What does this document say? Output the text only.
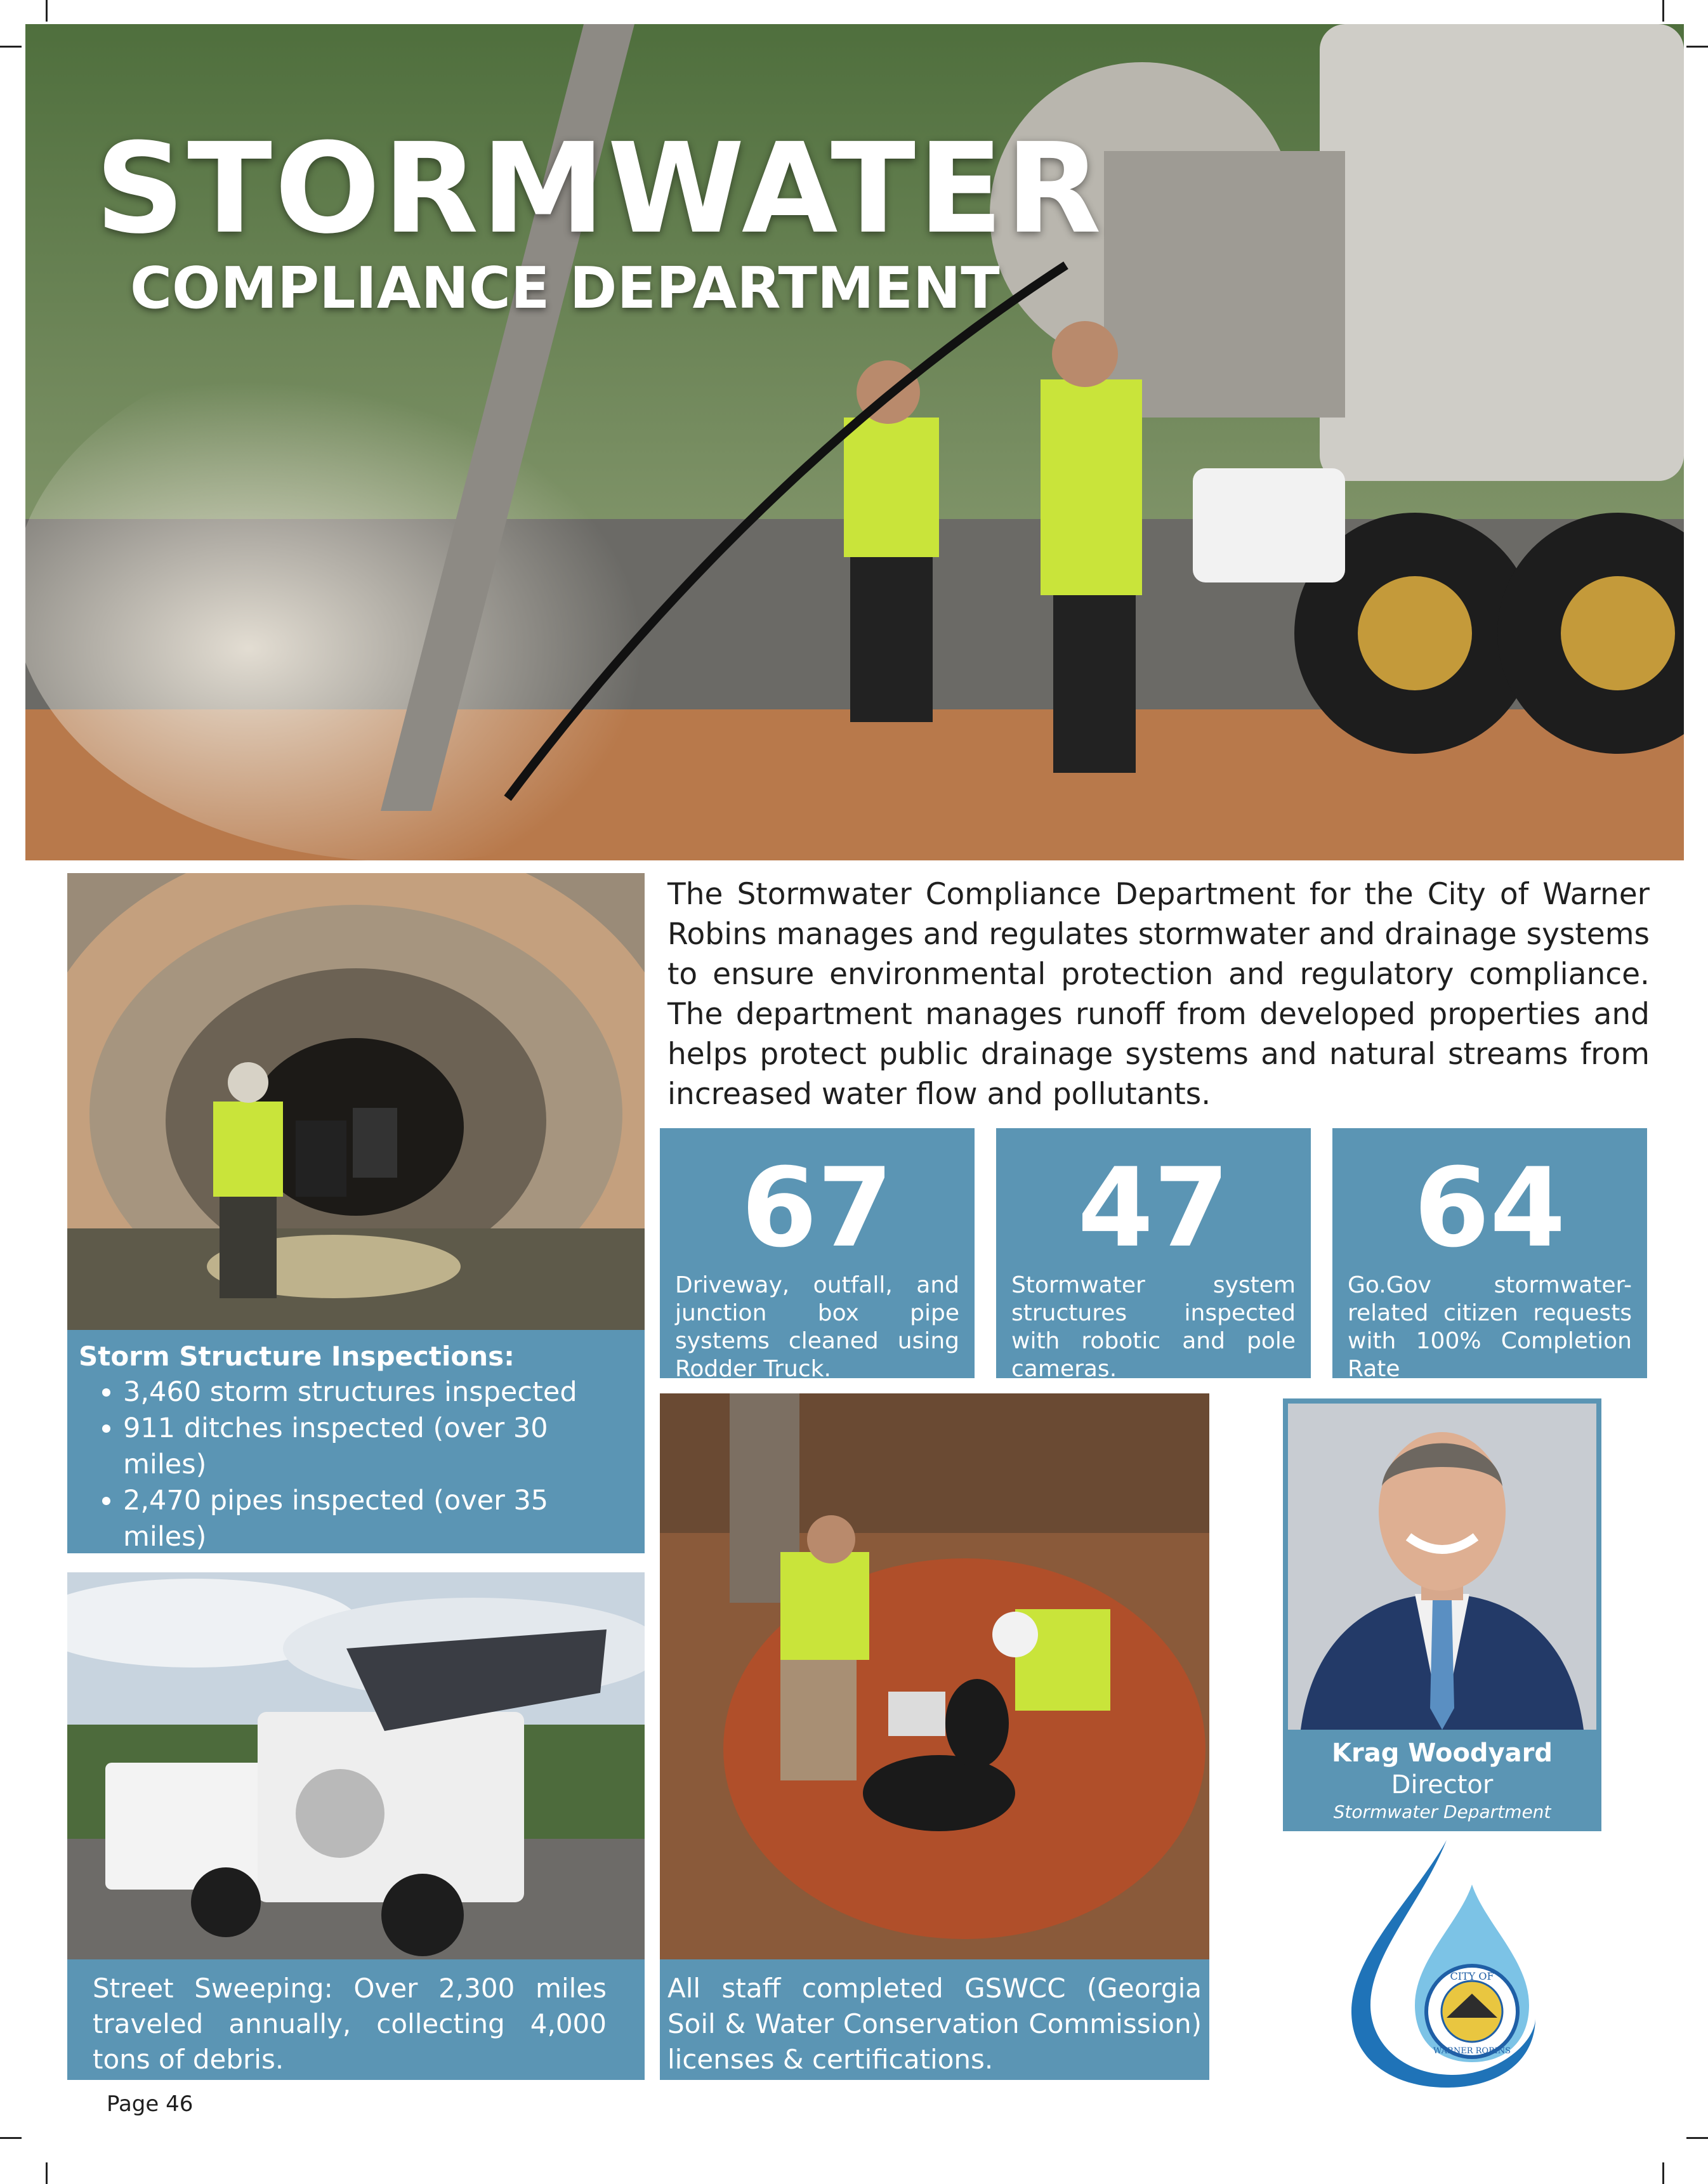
STORMWATER
COMPLIANCE DEPARTMENT
The Stormwater Compliance Department for the City of Warner Robins manages and regulates stormwater and drainage systems to ensure environmental protection and regulatory compliance. The department manages runoff from developed properties and helps protect public drainage systems and natural streams from increased water flow and pollutants.
67
Driveway, outfall, and junction box pipe systems cleaned using Rodder Truck.
47
Stormwater system structures inspected with robotic and pole cameras.
64
Go.Gov stormwater-related citizen requests with 100% Completion Rate
Storm Structure Inspections:
• 3,460 storm structures inspected
• 911 ditches inspected (over 30 miles)
• 2,470 pipes inspected (over 35 miles)
•
Street Sweeping: Over 2,300 miles traveled annually, collecting 4,000 tons of debris.
All staff completed GSWCC (Georgia Soil & Water Conservation Commission) licenses & certifications.
Krag Woodyard
Director
Stormwater Department
CITY OF
WARNER ROBINS
Page 46
